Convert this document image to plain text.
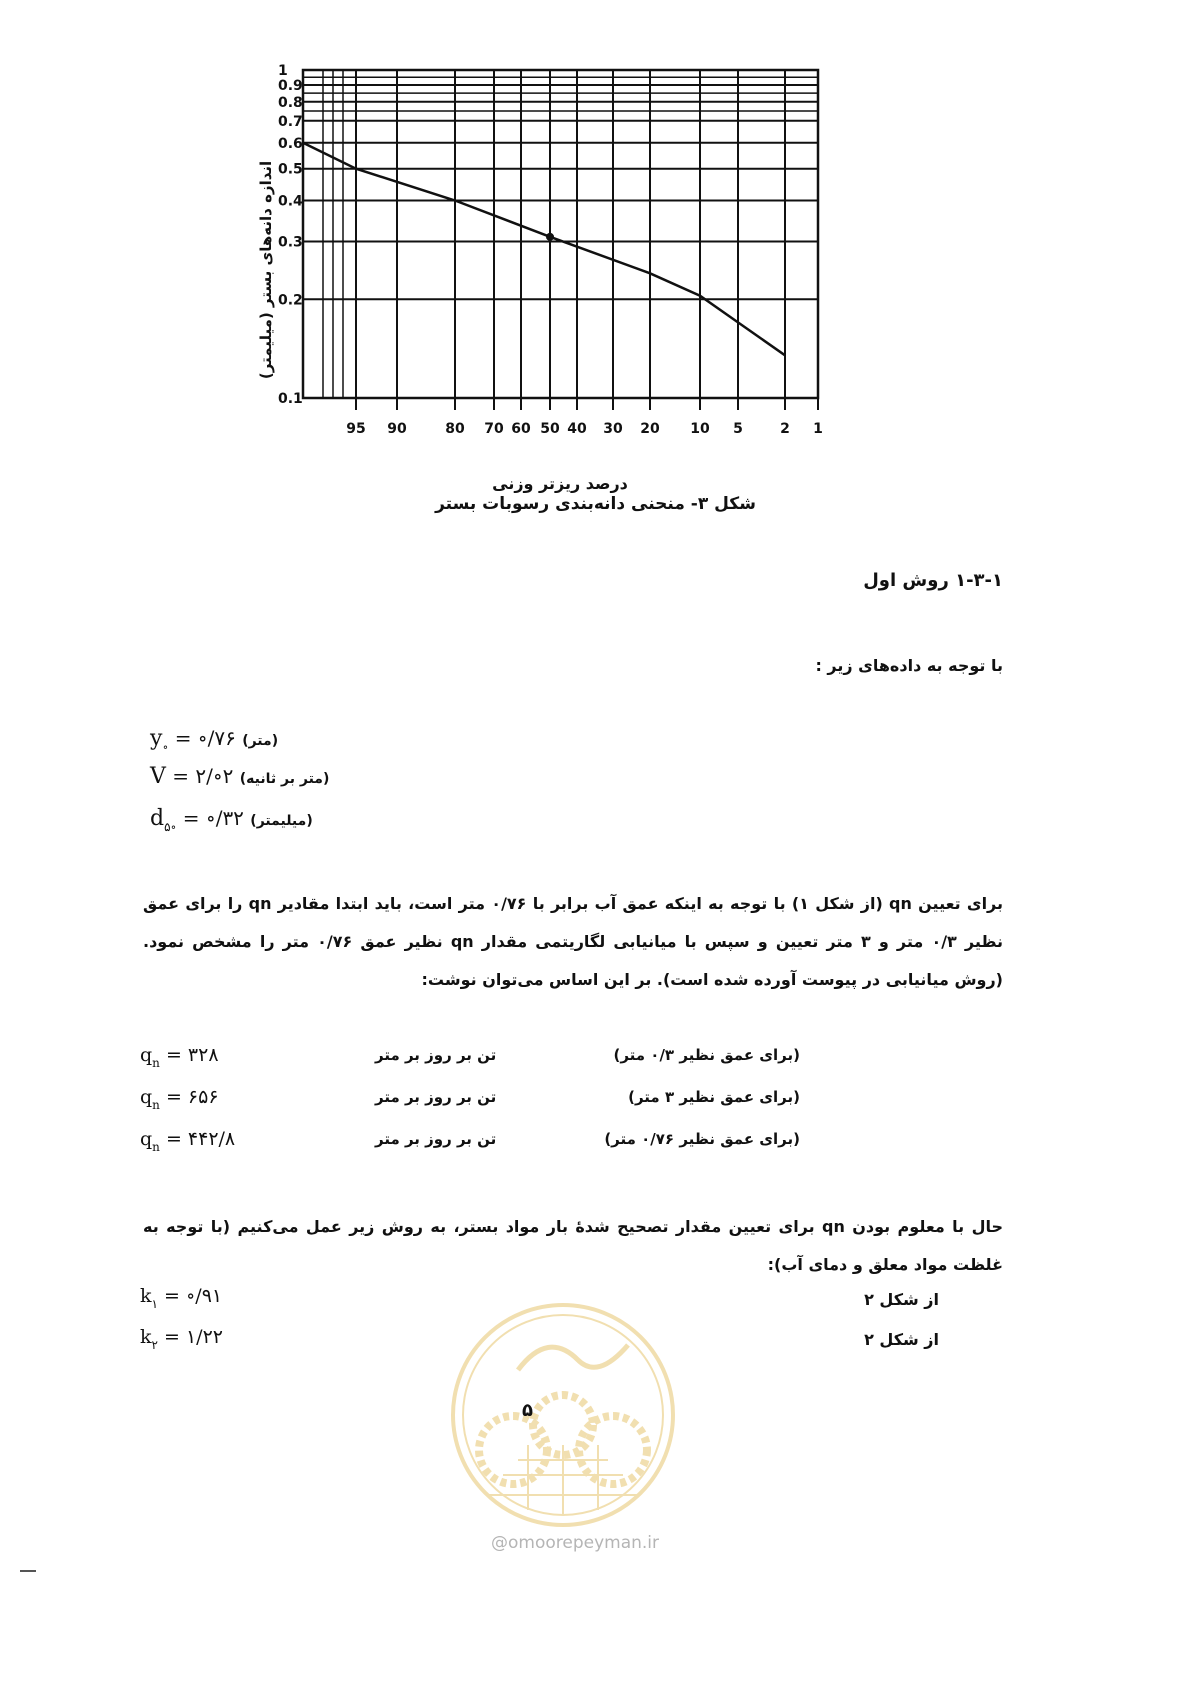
0.1
0.2
0.3
0.4
0.5
0.6
0.7
0.8
0.9
1
95 90	80 70 60 50 40 30 20 10 5	2 1
اندازه دانه‌های بستر (میلیمتر)
درصد ریزتر وزنی
شکل ۳- منحنی دانه‌بندی رسوبات بستر
۱-۳-۱ روش اول
با توجه به داده‌های زیر :
$y_\circ$ = ∘/۷۶ (متر)
V = ۲/∘۲ (متر بر ثانیه)
$d_{۵\circ}$ = ∘/۳۲ (میلیمتر)
برای تعیین qn (از شکل ۱) با توجه به اینکه عمق آب برابر با ۰/۷۶ متر است، باید ابتدا مقادیر qn را برای عمق نظیر ۰/۳ متر و ۳ متر تعیین و سپس با میانیابی لگاریتمی مقدار qn نظیر عمق ۰/۷۶ متر را مشخص نمود. (روش میانیابی در پیوست آورده شده است). بر این اساس می‌توان نوشت:
$q_n$ = ۳۲۸	تن بر روز بر متر	(برای عمق نظیر ۰/۳ متر)
$q_n$ = ۶۵۶	تن بر روز بر متر	(برای عمق نظیر ۳ متر)
$q_n$ = ۴۴۲/۸	تن بر روز بر متر	(برای عمق نظیر ۰/۷۶ متر)
حال با معلوم بودن qn برای تعیین مقدار تصحیح شدهٔ بار مواد بستر، به روش زیر عمل می‌کنیم (با توجه به غلظت مواد معلق و دمای آب):
$k_۱$ = ∘/۹۱	از شکل ۲
$k_۲$ = ۱/۲۲	از شکل ۲
۵
@omoorepeyman.ir
